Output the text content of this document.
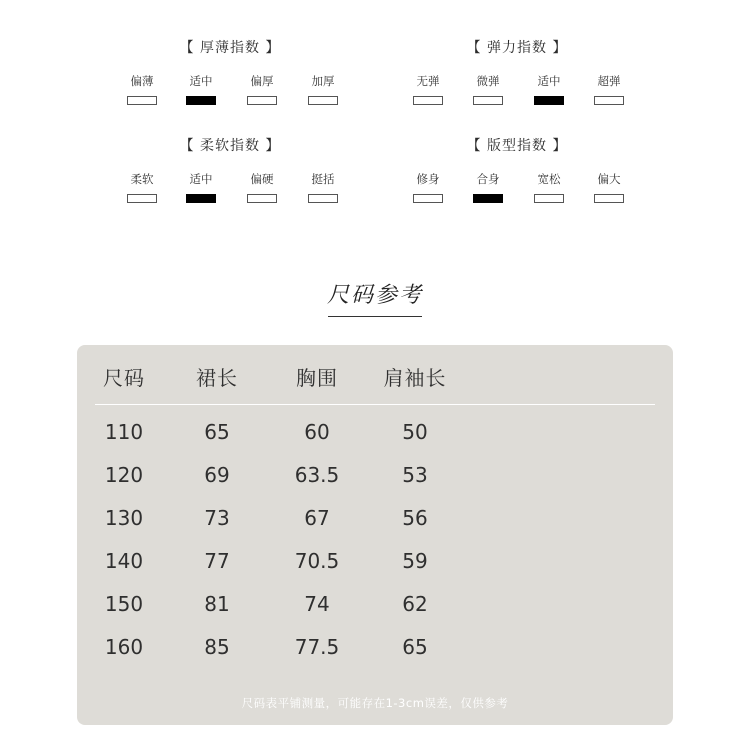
【 厚薄指数 】
偏薄	适中	偏厚	加厚
【 弹力指数 】
无弹	微弹	适中	超弹
【 柔软指数 】
柔软	适中	偏硬	挺括
【 版型指数 】
修身	合身	宽松	偏大
尺码参考
尺码	裙长	胸围	肩袖长
110	65	60	50
120	69	63.5	53
130	73	67	56
140	77	70.5	59
150	81	74	62
160	85	77.5	65
尺码表平铺测量，可能存在1-3cm误差，仅供参考
